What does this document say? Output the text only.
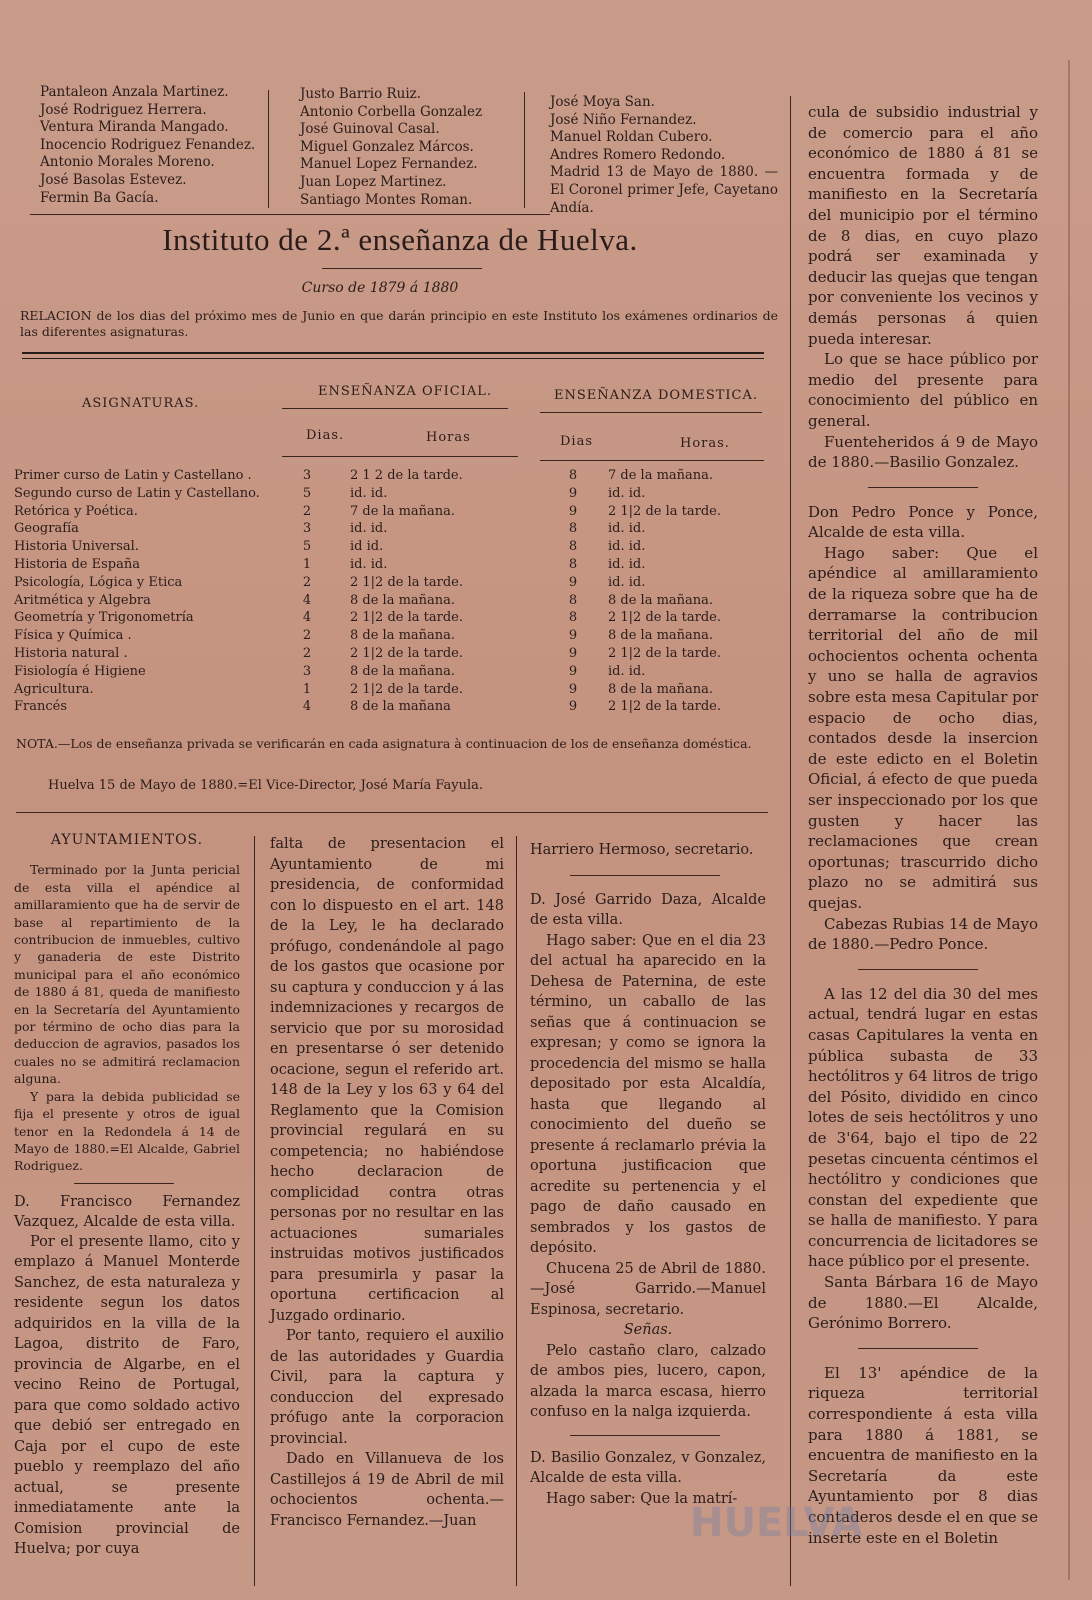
Pantaleon Anzala Martinez.
José Rodriguez Herrera.
Ventura Miranda Mangado.
Inocencio Rodriguez Fenandez.
Antonio Morales Moreno.
José Basolas Estevez.
Fermin Ba Gacía.
Justo Barrio Ruiz.
Antonio Corbella Gonzalez
José Guinoval Casal.
Miguel Gonzalez Márcos.
Manuel Lopez Fernandez.
Juan Lopez Martinez.
Santiago Montes Roman.
José Moya San.
José Niño Fernandez.
Manuel Roldan Cubero.
Andres Romero Redondo.
Madrid 13 de Mayo de 1880. —El Coronel primer Jefe, Cayetano Andía.
Instituto de 2.ª enseñanza de Huelva.
Curso de 1879 á 1880
RELACION de los dias del próximo mes de Junio en que darán principio en este Instituto los exámenes ordinarios de las diferentes asignaturas.
ASIGNATURAS.
ENSEÑANZA OFICIAL.	ENSEÑANZA DOMESTICA.
Dias.	Horas	Dias	Horas.
Primer curso de Latin y Castellano .	3	2 1 2 de la tarde.	8	7 de la mañana.
Segundo curso de Latin y Castellano.	5	id. id.	9	id. id.
Retórica y Poética.	2	7 de la mañana.	9	2 1|2 de la tarde.
Geografía	3	id. id.	8	id. id.
Historia Universal.	5	id id.	8	id. id.
Historia de España	1	id. id.	8	id. id.
Psicología, Lógica y Etica	2	2 1|2 de la tarde.	9	id. id.
Aritmética y Algebra	4	8 de la mañana.	8	8 de la mañana.
Geometría y Trigonometría	4	2 1|2 de la tarde.	8	2 1|2 de la tarde.
Física y Química .	2	8 de la mañana.	9	8 de la mañana.
Historia natural .	2	2 1|2 de la tarde.	9	2 1|2 de la tarde.
Fisiología é Higiene	3	8 de la mañana.	9	id. id.
Agricultura.	1	2 1|2 de la tarde.	9	8 de la mañana.
Francés	4	8 de la mañana	9	2 1|2 de la tarde.
NOTA.—Los de enseñanza privada se verificarán en cada asignatura à continuacion de los de enseñanza doméstica.
Huelva 15 de Mayo de 1880.=El Vice-Director, José María Fayula.
cula de subsidio industrial y de comercio para el año económico de 1880 á 81 se encuentra formada y de manifiesto en la Secretaría del municipio por el término de 8 dias, en cuyo plazo podrá ser examinada y deducir las quejas que tengan por conveniente los vecinos y demás personas á quien pueda interesar.
Lo que se hace público por medio del presente para conocimiento del público en general.
Fuenteheridos á 9 de Mayo de 1880.—Basilio Gonzalez.
Don Pedro Ponce y Ponce, Alcalde de esta villa.
Hago saber: Que el apéndice al amillaramiento de la riqueza sobre que ha de derramarse la contribucion territorial del año de mil ochocientos ochenta ochenta y uno se halla de agravios sobre esta mesa Capitular por espacio de ocho dias, contados desde la insercion de este edicto en el Boletin Oficial, á efecto de que pueda ser inspeccionado por los que gusten y hacer las reclamaciones que crean oportunas; trascurrido dicho plazo no se admitirá sus quejas.
Cabezas Rubias 14 de Mayo de 1880.—Pedro Ponce.
A las 12 del dia 30 del mes actual, tendrá lugar en estas casas Capitulares la venta en pública subasta de 33 hectólitros y 64 litros de trigo del Pósito, dividido en cinco lotes de seis hectólitros y uno de 3'64, bajo el tipo de 22 pesetas cincuenta céntimos el hectólitro y condiciones que constan del expediente que se halla de manifiesto. Y para concurrencia de licitadores se hace público por el presente.
Santa Bárbara 16 de Mayo de 1880.—El Alcalde, Gerónimo Borrero.
El 13' apéndice de la riqueza territorial correspondiente á esta villa para 1880 á 1881, se encuentra de manifiesto en la Secretaría da este Ayuntamiento por 8 dias contaderos desde el en que se inserte este en el Boletin
AYUNTAMIENTOS.
Terminado por la Junta pericial de esta villa el apéndice al amillaramiento que ha de servir de base al repartimiento de la contribucion de inmuebles, cultivo y ganaderia de este Distrito municipal para el año económico de 1880 á 81, queda de manifiesto en la Secretaría del Ayuntamiento por término de ocho dias para la deduccion de agravios, pasados los cuales no se admitirá reclamacion alguna.
Y para la debida publicidad se fija el presente y otros de igual tenor en la Redondela á 14 de Mayo de 1880.=El Alcalde, Gabriel Rodriguez.
D. Francisco Fernandez Vazquez, Alcalde de esta villa.
Por el presente llamo, cito y emplazo á Manuel Monterde Sanchez, de esta naturaleza y residente segun los datos adquiridos en la villa de la Lagoa, distrito de Faro, provincia de Algarbe, en el vecino Reino de Portugal, para que como soldado activo que debió ser entregado en Caja por el cupo de este pueblo y reemplazo del año actual, se presente inmediatamente ante la Comision provincial de Huelva; por cuya
falta de presentacion el Ayuntamiento de mi presidencia, de conformidad con lo dispuesto en el art. 148 de la Ley, le ha declarado prófugo, condenándole al pago de los gastos que ocasione por su captura y conduccion y á las indemnizaciones y recargos de servicio que por su morosidad en presentarse ó ser detenido ocacione, segun el referido art. 148 de la Ley y los 63 y 64 del Reglamento que la Comision provincial regulará en su competencia; no habiéndose hecho declaracion de complicidad contra otras personas por no resultar en las actuaciones sumariales instruidas motivos justificados para presumirla y pasar la oportuna certificacion al Juzgado ordinario.
Por tanto, requiero el auxilio de las autoridades y Guardia Civil, para la captura y conduccion del expresado prófugo ante la corporacion provincial.
Dado en Villanueva de los Castillejos á 19 de Abril de mil ochocientos ochenta.—Francisco Fernandez.—Juan
Harriero Hermoso, secretario.
D. José Garrido Daza, Alcalde de esta villa.
Hago saber: Que en el dia 23 del actual ha aparecido en la Dehesa de Paternina, de este término, un caballo de las señas que á continuacion se expresan; y como se ignora la procedencia del mismo se halla depositado por esta Alcaldía, hasta que llegando al conocimiento del dueño se presente á reclamarlo prévia la oportuna justificacion que acredite su pertenencia y el pago de daño causado en sembrados y los gastos de depósito.
Chucena 25 de Abril de 1880.—José Garrido.—Manuel Espinosa, secretario.
Señas.
Pelo castaño claro, calzado de ambos pies, lucero, capon, alzada la marca escasa, hierro confuso en la nalga izquierda.
D. Basilio Gonzalez, v Gonzalez, Alcalde de esta villa.
Hago saber: Que la matrí-
HUELVA
